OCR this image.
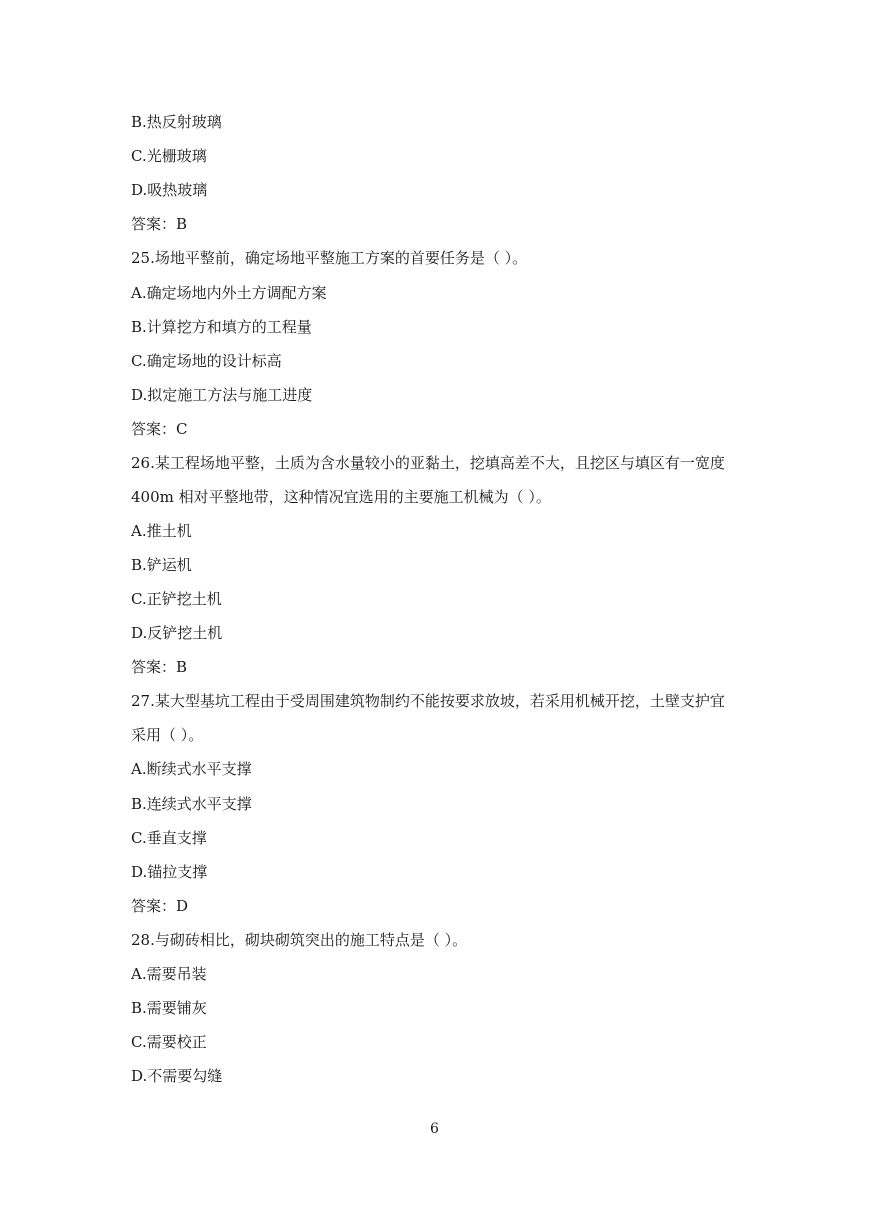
B.热反射玻璃
C.光栅玻璃
D.吸热玻璃
答案：B
25.场地平整前，确定场地平整施工方案的首要任务是（ ）。
A.确定场地内外土方调配方案
B.计算挖方和填方的工程量
C.确定场地的设计标高
D.拟定施工方法与施工进度
答案：C
26.某工程场地平整，土质为含水量较小的亚黏土，挖填高差不大，且挖区与填区有一宽度
400m 相对平整地带，这种情况宜选用的主要施工机械为（ ）。
A.推土机
B.铲运机
C.正铲挖土机
D.反铲挖土机
答案：B
27.某大型基坑工程由于受周围建筑物制约不能按要求放坡，若采用机械开挖，土壁支护宜
采用（ ）。
A.断续式水平支撑
B.连续式水平支撑
C.垂直支撑
D.锚拉支撑
答案：D
28.与砌砖相比，砌块砌筑突出的施工特点是（ ）。
A.需要吊装
B.需要铺灰
C.需要校正
D.不需要勾缝
6
